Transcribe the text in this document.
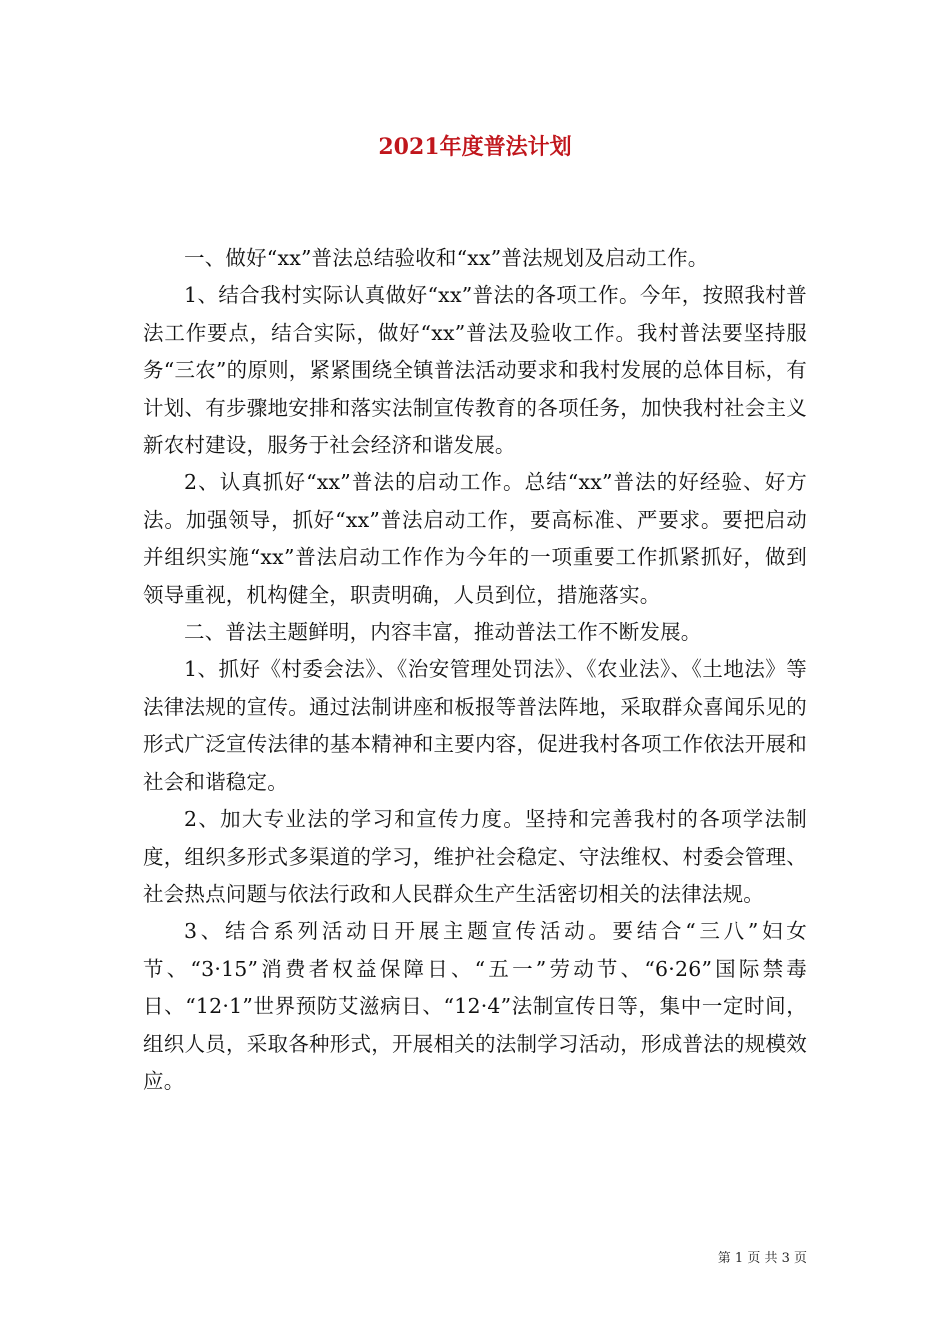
2021年度普法计划

一、做好“xx”普法总结验收和“xx”普法规划及启动工作。

1、结合我村实际认真做好“xx”普法的各项工作。今年，按照我村普法工作要点，结合实际，做好“xx”普法及验收工作。我村普法要坚持服务“三农”的原则，紧紧围绕全镇普法活动要求和我村发展的总体目标，有计划、有步骤地安排和落实法制宣传教育的各项任务，加快我村社会主义新农村建设，服务于社会经济和谐发展。

2、认真抓好“xx”普法的启动工作。总结“xx”普法的好经验、好方法。加强领导，抓好“xx”普法启动工作，要高标准、严要求。要把启动并组织实施“xx”普法启动工作作为今年的一项重要工作抓紧抓好，做到领导重视，机构健全，职责明确，人员到位，措施落实。

二、普法主题鲜明，内容丰富，推动普法工作不断发展。

1、抓好《村委会法》、《治安管理处罚法》、《农业法》、《土地法》等法律法规的宣传。通过法制讲座和板报等普法阵地，采取群众喜闻乐见的形式广泛宣传法律的基本精神和主要内容，促进我村各项工作依法开展和社会和谐稳定。

2、加大专业法的学习和宣传力度。坚持和完善我村的各项学法制度，组织多形式多渠道的学习，维护社会稳定、守法维权、村委会管理、社会热点问题与依法行政和人民群众生产生活密切相关的法律法规。

3、结合系列活动日开展主题宣传活动。要结合“三八”妇女节、“3·15”消费者权益保障日、“五一”劳动节、“6·26”国际禁毒日、“12·1”世界预防艾滋病日、“12·4”法制宣传日等，集中一定时间，组织人员，采取各种形式，开展相关的法制学习活动，形成普法的规模效应。

第 1 页 共 3 页
